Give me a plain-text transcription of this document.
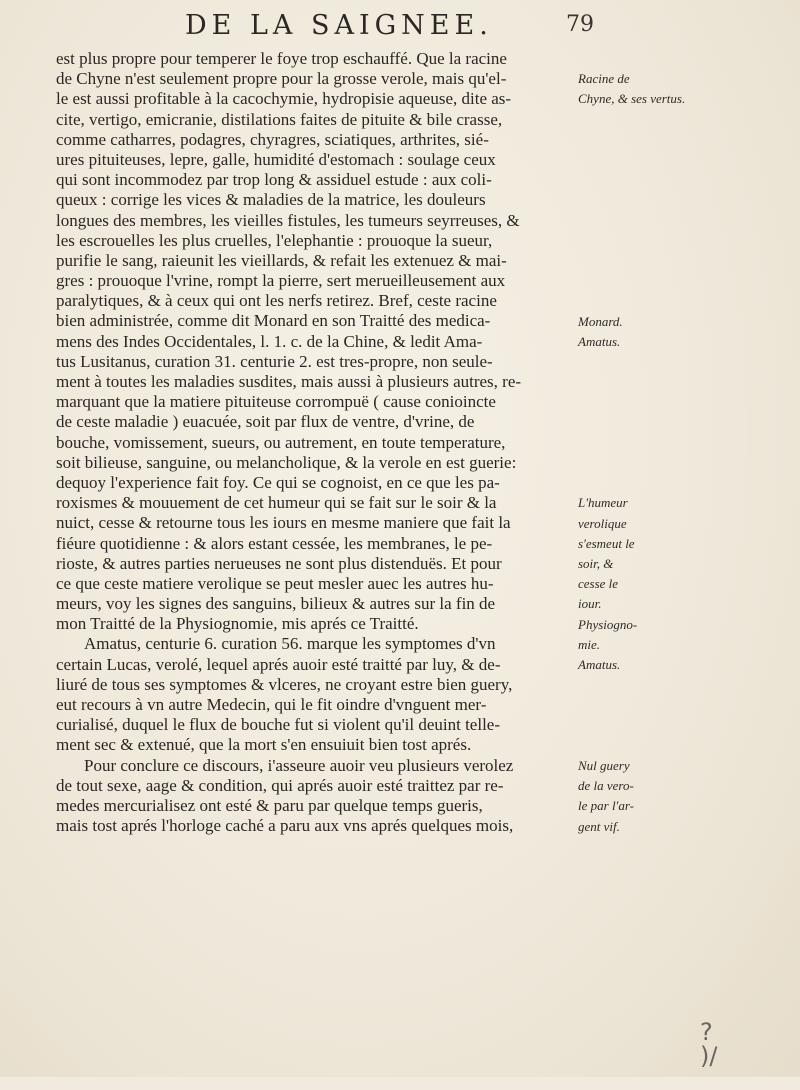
DE LA SAIGNEE.	79
est plus propre pour temperer le foye trop eschauffé. Que la racine
de Chyne n'est seulement propre pour la grosse verole, mais qu'el-
le est aussi profitable à la cacochymie, hydropisie aqueuse, dite as-
cite, vertigo, emicranie, distilations faites de pituite & bile crasse,
comme catharres, podagres, chyragres, sciatiques, arthrites, sié-
ures pituiteuses, lepre, galle, humidité d'estomach : soulage ceux
qui sont incommodez par trop long & assiduel estude : aux coli-
queux : corrige les vices & maladies de la matrice, les douleurs
longues des membres, les vieilles fistules, les tumeurs seyrreuses, &
les escrouelles les plus cruelles, l'elephantie : prouoque la sueur,
purifie le sang, raieunit les vieillards, & refait les extenuez & mai-
gres : prouoque l'vrine, rompt la pierre, sert merueilleusement aux
paralytiques, & à ceux qui ont les nerfs retirez. Bref, ceste racine
bien administrée, comme dit Monard en son Traitté des medica-
mens des Indes Occidentales, l. 1. c. de la Chine, & ledit Ama-
tus Lusitanus, curation 31. centurie 2. est tres-propre, non seule-
ment à toutes les maladies susdites, mais aussi à plusieurs autres, re-
marquant que la matiere pituiteuse corrompuë ( cause conioincte
de ceste maladie ) euacuée, soit par flux de ventre, d'vrine, de
bouche, vomissement, sueurs, ou autrement, en toute temperature,
soit bilieuse, sanguine, ou melancholique, & la verole en est guerie:
dequoy l'experience fait foy. Ce qui se cognoist, en ce que les pa-
roxismes & mouuement de cet humeur qui se fait sur le soir & la
nuict, cesse & retourne tous les iours en mesme maniere que fait la
fiéure quotidienne : & alors estant cessée, les membranes, le pe-
rioste, & autres parties nerueuses ne sont plus distenduës. Et pour
ce que ceste matiere verolique se peut mesler auec les autres hu-
meurs, voy les signes des sanguins, bilieux & autres sur la fin de
mon Traitté de la Physiognomie, mis aprés ce Traitté.
Amatus, centurie 6. curation 56. marque les symptomes d'vn
certain Lucas, verolé, lequel aprés auoir esté traitté par luy, & de-
liuré de tous ses symptomes & vlceres, ne croyant estre bien guery,
eut recours à vn autre Medecin, qui le fit oindre d'vnguent mer-
curialisé, duquel le flux de bouche fut si violent qu'il deuint telle-
ment sec & extenué, que la mort s'en ensuiuit bien tost aprés.
Pour conclure ce discours, i'asseure auoir veu plusieurs verolez
de tout sexe, aage & condition, qui aprés auoir esté traittez par re-
medes mercurialisez ont esté & paru par quelque temps gueris,
mais tost aprés l'horloge caché a paru aux vns aprés quelques mois,
Racine de
Chyne, & ses vertus.
Monard.
Amatus.
L'humeur
verolique
s'esmeut le
soir, &
cesse le
iour.
Physiogno-
mie.
Amatus.
Nul guery
de la vero-
le par l'ar-
gent vif.
? )/
